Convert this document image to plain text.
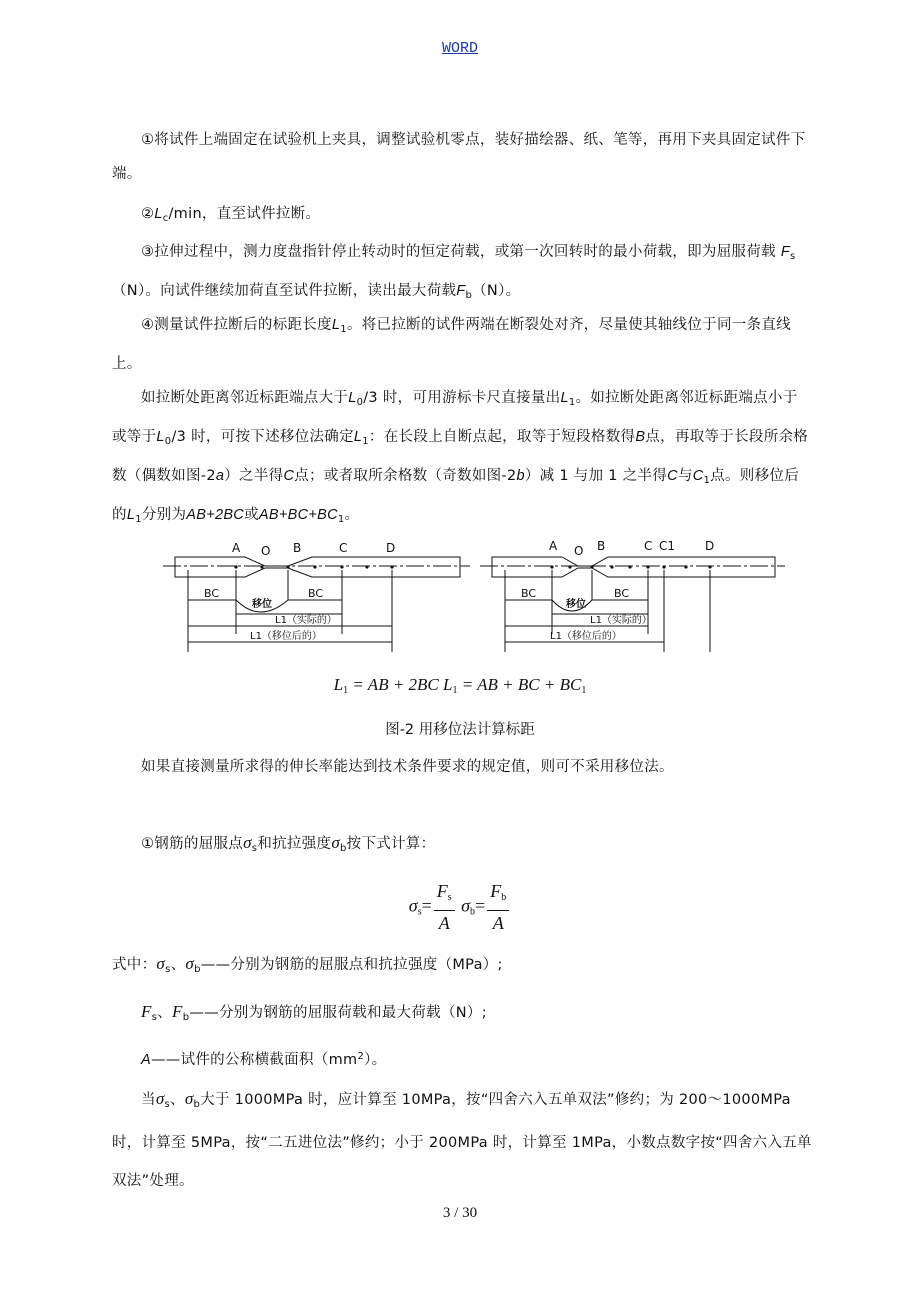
WORD
①将试件上端固定在试验机上夹具，调整试验机零点，装好描绘器、纸、笔等，再用下夹具固定试件下端。
$②L_c/\min$，直至试件拉断。
③拉伸过程中，测力度盘指针停止转动时的恒定荷载，或第一次回转时的最小荷载，即为屈服荷载 $F_s(N)$。向试件继续加荷直至试件拉断，读出最大荷载$F_b(N)$。
④测量试件拉断后的标距长度$L_1$。将已拉断的试件两端在断裂处对齐，尽量使其轴线位于同一条直线上。
如拉断处距离邻近标距端点大于$L_0/3$ 时，可用游标卡尺直接量出$L_1$。如拉断处距离邻近标距端点小于或等于$L_0/3$ 时，可按下述移位法确定$L_1$：在长段上自断点起，取等于短段格数得B点，再取等于长段所余格数（偶数如图-2a）之半得C点；或者取所余格数（奇数如图-2b）减 1 与加 1 之半得C与$C_1$点。则移位后的$L_1$分别为AB+2BC或$AB+BC+BC_1$。
A O B	C	D
BC	BC
移位
L1（实际的）
L1（移位后的）
A O B	C C1 D
BC	BC
移位
L1（实际的）
L1（移位后的）
$L_1$ = AB + 2BC $L_1$ = AB + BC + $BC_1$
图-2 用移位法计算标距
如果直接测量所求得的伸长率能达到技术条件要求的规定值，则可不采用移位法。
①钢筋的屈服点$\sigma_s$和抗拉强度$\sigma_b$按下式计算：
$\sigma_s= \frac{F_s}{A} \sigma_b= \frac{F_b}{A}$
式中：$\sigma_s$、$\sigma_b——$分别为钢筋的屈服点和抗拉强度（MPa）;
$F_s$、$F_b——$分别为钢筋的屈服荷载和最大荷载（N）;
A——试件的公称横截面积$(mm^2)$。
当$\sigma_s$、$\sigma_b$大于 1000MPa 时，应计算至 10MPa，按“四舍六入五单双法”修约；为 200～1000MPa 时，计算至 5MPa，按“二五进位法”修约；小于 200MPa 时，计算至 1MPa，小数点数字按“四舍六入五单双法”处理。
3 / 30
